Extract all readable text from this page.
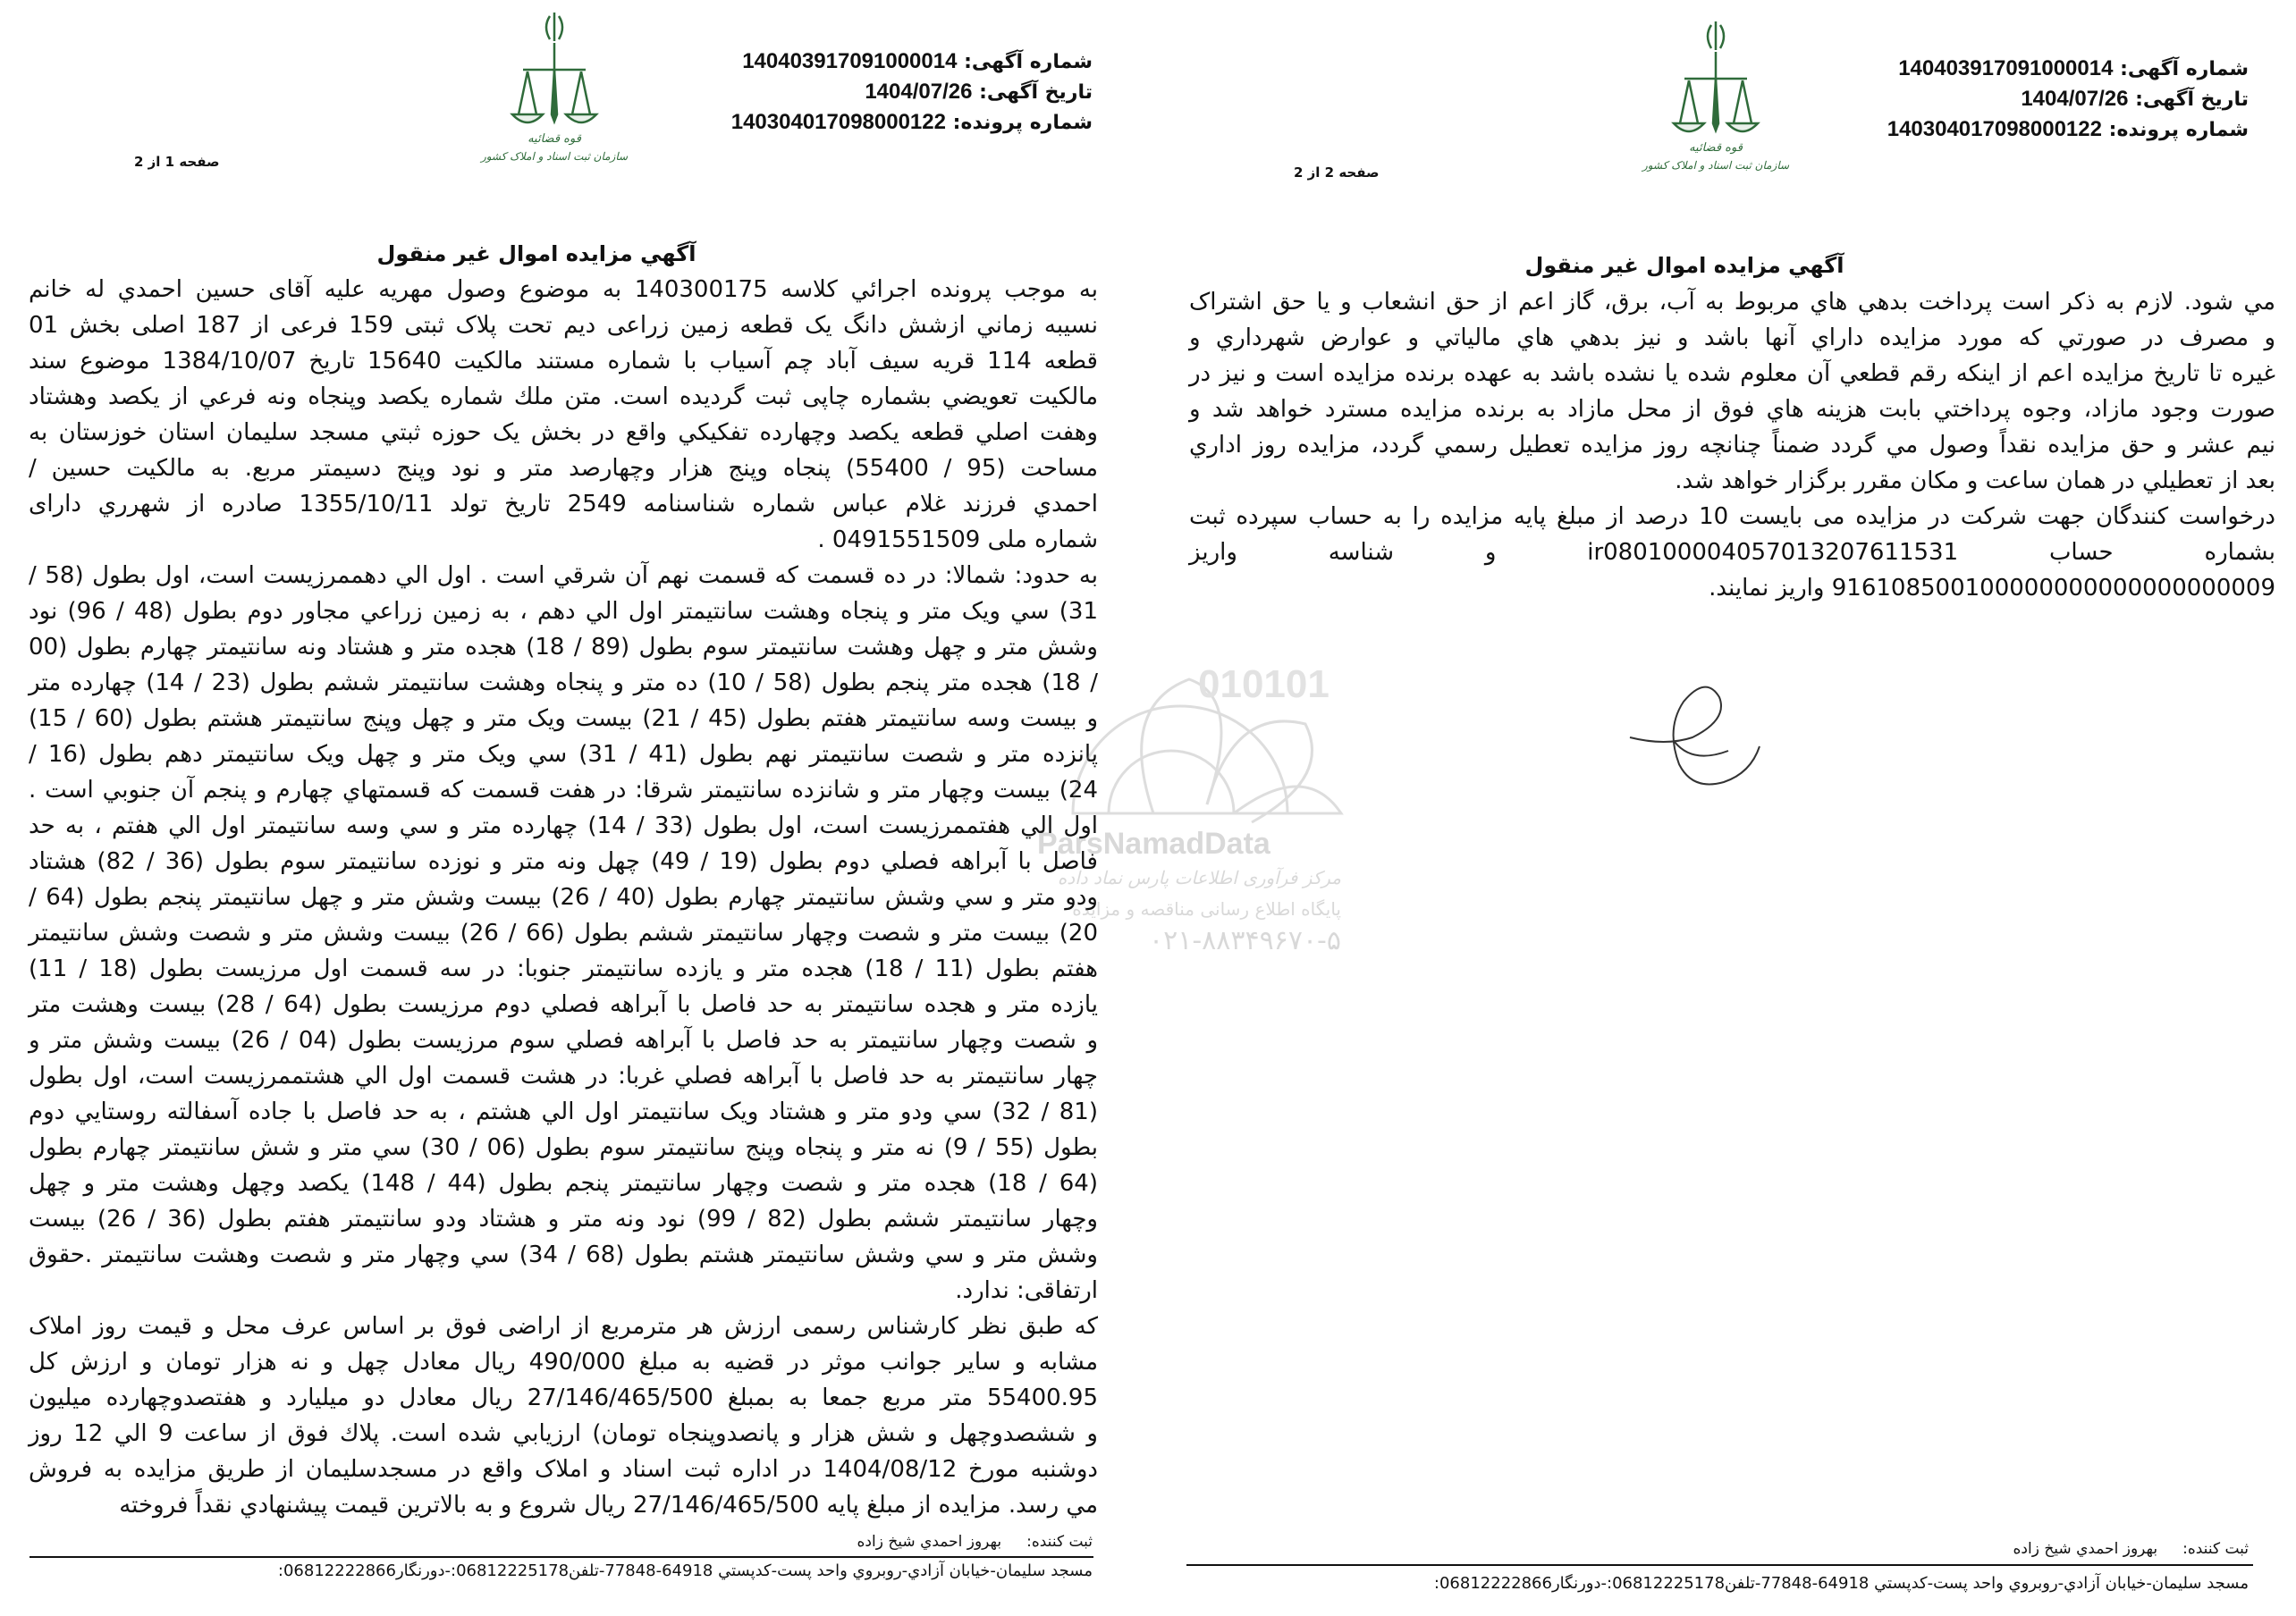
شماره آگهی: 140403917091000014
تاريخ آگهی: 1404/07/26
شماره پرونده: 140304017098000122
قوه قضائیه
سازمان ثبت اسناد و املاک کشور
صفحه 1 از 2
آگهي مزايده اموال غير منقول
به موجب پرونده اجرائي کلاسه 140300175 به موضوع وصول مهريه عليه آقای حسين احمدي له خانم
نسيبه زماني ازشش دانگ يک قطعه زمين زراعی ديم تحت پلاک ثبتی 159 فرعی از 187 اصلی بخش 01
قطعه 114 قريه سيف آباد چم آسياب با شماره مستند مالکيت 15640 تاريخ 1384/10/07 موضوع سند
مالکيت تعويضي بشماره چاپی ثبت گرديده است. متن ملك شماره يكصد وپنجاه ونه فرعي از يكصد وهشتاد
وهفت اصلي قطعه يكصد وچهارده تفكيكي واقع در بخش يک حوزه ثبتي مسجد سليمان استان خوزستان به
مساحت (95 / 55400) پنجاه وپنج هزار وچهارصد متر و نود وپنج دسيمتر مربع. به مالكيت حسين /
احمدي فرزند غلام عباس شماره شناسنامه 2549 تاريخ تولد 1355/10/11 صادره از شهرري دارای
شماره ملی 0491551509 .
به حدود: شمالا: در ده قسمت كه قسمت نهم آن شرقي است . اول الي دهممرزيست است، اول بطول (58 /
31) سي ويک متر و پنجاه وهشت سانتيمتر اول الي دهم ، به زمين زراعي مجاور دوم بطول (48 / 96) نود
وشش متر و چهل وهشت سانتيمتر سوم بطول (89 / 18) هجده متر و هشتاد ونه سانتيمتر چهارم بطول (00
/ 18) هجده متر پنجم بطول (58 / 10) ده متر و پنجاه وهشت سانتيمتر ششم بطول (23 / 14) چهارده متر
و بيست وسه سانتيمتر هفتم بطول (45 / 21) بيست ويک متر و چهل وپنج سانتيمتر هشتم بطول (60 / 15)
پانزده متر و شصت سانتيمتر نهم بطول (41 / 31) سي ويک متر و چهل ويک سانتيمتر دهم بطول (16 /
24) بيست وچهار متر و شانزده سانتيمتر شرقا: در هفت قسمت كه قسمتهاي چهارم و پنجم آن جنوبي است .
اول الي هفتممرزيست است، اول بطول (33 / 14) چهارده متر و سي وسه سانتيمتر اول الي هفتم ، به حد
فاصل با آبراهه فصلي دوم بطول (19 / 49) چهل ونه متر و نوزده سانتيمتر سوم بطول (36 / 82) هشتاد
ودو متر و سي وشش سانتيمتر چهارم بطول (40 / 26) بيست وشش متر و چهل سانتيمتر پنجم بطول (64 /
20) بيست متر و شصت وچهار سانتيمتر ششم بطول (66 / 26) بيست وشش متر و شصت وشش سانتيمتر
هفتم بطول (11 / 18) هجده متر و يازده سانتيمتر جنوبا: در سه قسمت اول مرزيست بطول (18 / 11)
يازده متر و هجده سانتيمتر به حد فاصل با آبراهه فصلي دوم مرزيست بطول (64 / 28) بيست وهشت متر
و شصت وچهار سانتيمتر به حد فاصل با آبراهه فصلي سوم مرزيست بطول (04 / 26) بيست وشش متر و
چهار سانتيمتر به حد فاصل با آبراهه فصلي غربا: در هشت قسمت اول الي هشتممرزيست است، اول بطول
(81 / 32) سي ودو متر و هشتاد ويک سانتيمتر اول الي هشتم ، به حد فاصل با جاده آسفالته روستايي دوم
بطول (55 / 9) نه متر و پنجاه وپنج سانتيمتر سوم بطول (06 / 30) سي متر و شش سانتيمتر چهارم بطول
(64 / 18) هجده متر و شصت وچهار سانتيمتر پنجم بطول (44 / 148) يكصد وچهل وهشت متر و چهل
وچهار سانتيمتر ششم بطول (82 / 99) نود ونه متر و هشتاد ودو سانتيمتر هفتم بطول (36 / 26) بيست
وشش متر و سي وشش سانتيمتر هشتم بطول (68 / 34) سي وچهار متر و شصت وهشت سانتيمتر .حقوق
ارتفاقی: ندارد.
كه طبق نظر كارشناس رسمی ارزش هر مترمربع از اراضی فوق بر اساس عرف محل و قيمت روز املاک
مشابه و ساير جوانب موثر در قضيه به مبلغ 490/000 ريال معادل چهل و نه هزار تومان و ارزش كل
55400.95 متر مربع جمعا به بمبلغ 27/146/465/500 ريال معادل دو ميليارد و هفتصدوچهارده ميليون
و ششصدوچهل و شش هزار و پانصدوپنجاه تومان) ارزيابي شده است. پلاك فوق از ساعت 9 الي 12 روز
دوشنبه مورخ 1404/08/12 در اداره ثبت اسناد و املاک واقع در مسجدسليمان از طريق مزايده به فروش
مي رسد. مزايده از مبلغ پايه 27/146/465/500 ريال شروع و به بالاترين قيمت پيشنهادي نقداً فروخته
ثبت كننده:بهروز احمدي شيخ زاده
مسجد سليمان-خيابان آزادي-روبروي واحد پست-کدپستي 64918-77848-تلفن06812225178:-دورنگار06812222866:
010101
ParsNamadData
مرکز فرآوری اطلاعات پارس نماد داده
پایگاه اطلاع رسانی مناقصه و مزایده
۰۲۱-۸۸۳۴۹۶۷۰-۵
شماره آگهی: 140403917091000014
تاريخ آگهی: 1404/07/26
شماره پرونده: 140304017098000122
قوه قضائیه
سازمان ثبت اسناد و املاک کشور
صفحه 2 از 2
آگهي مزايده اموال غير منقول
مي شود. لازم به ذكر است پرداخت بدهي هاي مربوط به آب، برق، گاز اعم از حق انشعاب و يا حق اشتراک
و مصرف در صورتي كه مورد مزايده داراي آنها باشد و نيز بدهي هاي مالياتي و عوارض شهرداري و
غيره تا تاريخ مزايده اعم از اينكه رقم قطعي آن معلوم شده يا نشده باشد به عهده برنده مزايده است و نيز در
صورت وجود مازاد، وجوه پرداختي بابت هزينه هاي فوق از محل مازاد به برنده مزايده مسترد خواهد شد و
نيم عشر و حق مزايده نقداً وصول مي گردد ضمناً چنانچه روز مزايده تعطيل رسمي گردد، مزايده روز اداري
بعد از تعطيلي در همان ساعت و مكان مقرر برگزار خواهد شد.
درخواست كنندگان جهت شركت در مزايده می بايست 10 درصد از مبلغ پايه مزايده را به حساب سپرده ثبت
بشماره حساب ir080100004057013207611531 و شناسه واريز
916108500100000000000000000009 واريز نمايند.
ثبت كننده:بهروز احمدي شيخ زاده
مسجد سليمان-خيابان آزادي-روبروي واحد پست-کدپستي 64918-77848-تلفن06812225178:-دورنگار06812222866:
